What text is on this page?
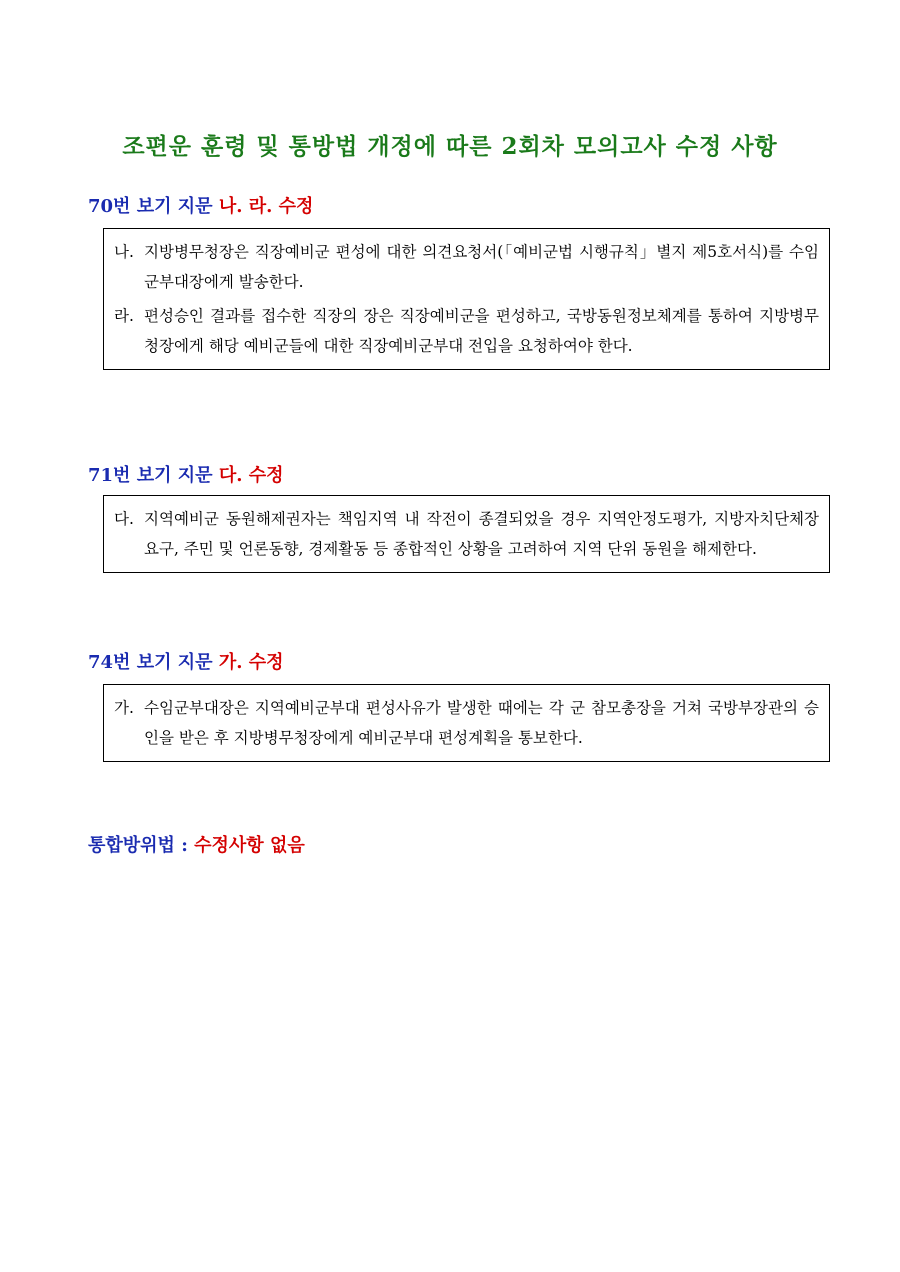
조편운 훈령 및 통방법 개정에 따른 2회차 모의고사 수정 사항
70번 보기 지문 나. 라. 수정
나. 지방병무청장은 직장예비군 편성에 대한 의견요청서(「예비군법 시행규칙」별지 제5호서식)를 수임군부대장에게 발송한다.
라. 편성승인 결과를 접수한 직장의 장은 직장예비군을 편성하고, 국방동원정보체계를 통하여 지방병무청장에게 해당 예비군들에 대한 직장예비군부대 전입을 요청하여야 한다.
71번 보기 지문 다. 수정
다. 지역예비군 동원해제권자는 책임지역 내 작전이 종결되었을 경우 지역안정도평가, 지방자치단체장 요구, 주민 및 언론동향, 경제활동 등 종합적인 상황을 고려하여 지역 단위 동원을 해제한다.
74번 보기 지문 가. 수정
가. 수임군부대장은 지역예비군부대 편성사유가 발생한 때에는 각 군 참모총장을 거쳐 국방부장관의 승인을 받은 후 지방병무청장에게 예비군부대 편성계획을 통보한다.
통합방위법 : 수정사항 없음
